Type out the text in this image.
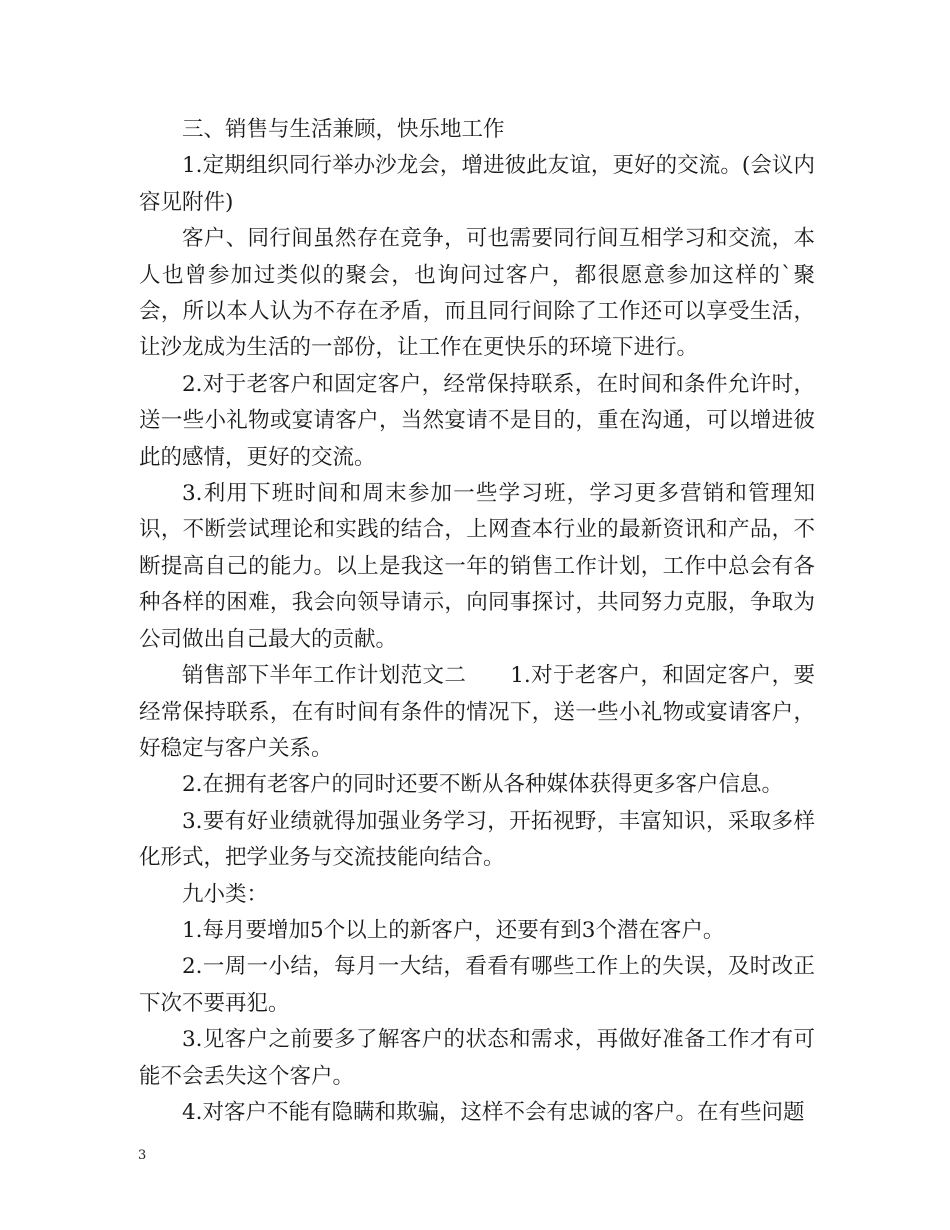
三、销售与生活兼顾，快乐地工作

1.定期组织同行举办沙龙会，增进彼此友谊，更好的交流。(会议内容见附件)

客户、同行间虽然存在竞争，可也需要同行间互相学习和交流，本人也曾参加过类似的聚会，也询问过客户，都很愿意参加这样的`聚会，所以本人认为不存在矛盾，而且同行间除了工作还可以享受生活，让沙龙成为生活的一部份，让工作在更快乐的环境下进行。

2.对于老客户和固定客户，经常保持联系，在时间和条件允许时，送一些小礼物或宴请客户，当然宴请不是目的，重在沟通，可以增进彼此的感情，更好的交流。

3.利用下班时间和周末参加一些学习班，学习更多营销和管理知识，不断尝试理论和实践的结合，上网查本行业的最新资讯和产品，不断提高自己的能力。以上是我这一年的销售工作计划，工作中总会有各种各样的困难，我会向领导请示，向同事探讨，共同努力克服，争取为公司做出自己最大的贡献。

销售部下半年工作计划范文二 1.对于老客户，和固定客户，要经常保持联系，在有时间有条件的情况下，送一些小礼物或宴请客户，好稳定与客户关系。

2.在拥有老客户的同时还要不断从各种媒体获得更多客户信息。

3.要有好业绩就得加强业务学习，开拓视野，丰富知识，采取多样化形式，把学业务与交流技能向结合。

九小类：

1.每月要增加5个以上的新客户，还要有到3个潜在客户。

2.一周一小结，每月一大结，看看有哪些工作上的失误，及时改正下次不要再犯。

3.见客户之前要多了解客户的状态和需求，再做好准备工作才有可能不会丢失这个客户。

4.对客户不能有隐瞒和欺骗，这样不会有忠诚的客户。在有些问题

3
